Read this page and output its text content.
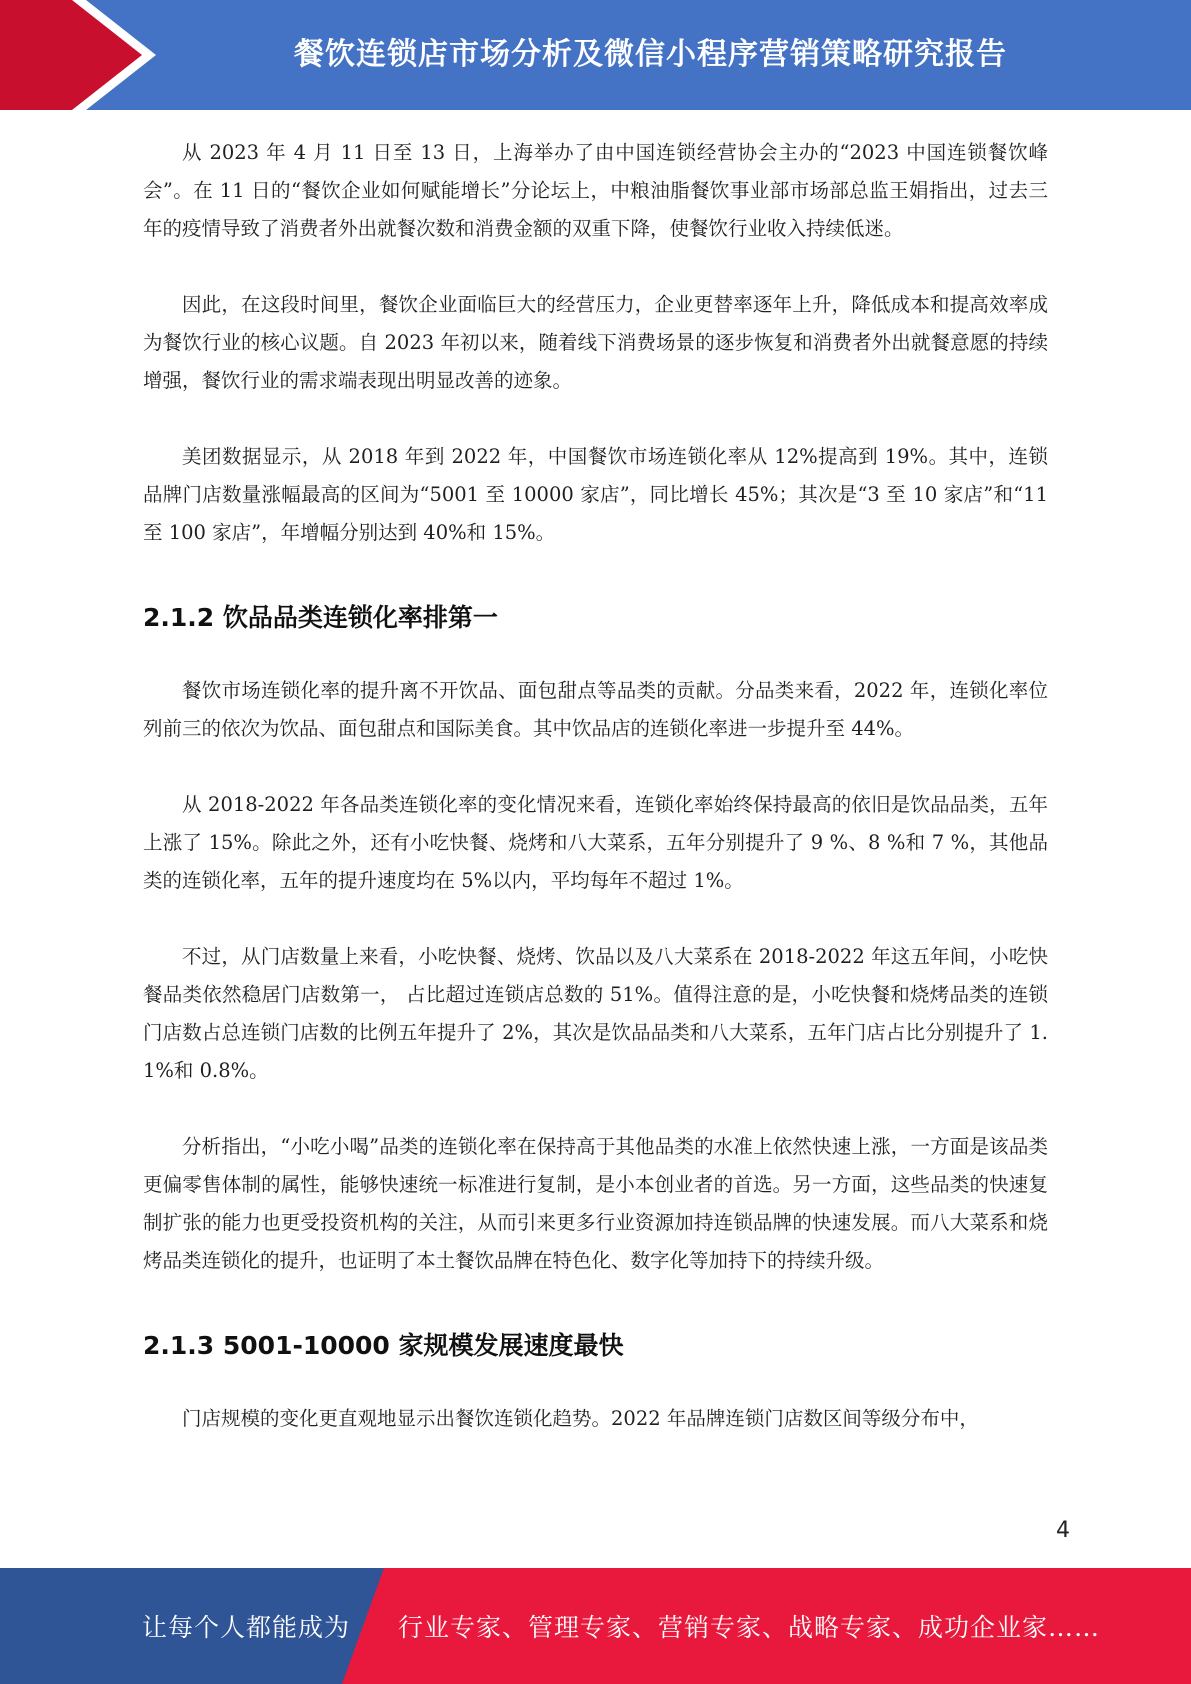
餐饮连锁店市场分析及微信小程序营销策略研究报告

从 2023 年 4 月 11 日至 13 日，上海举办了由中国连锁经营协会主办的“2023 中国连锁餐饮峰会”。在 11 日的“餐饮企业如何赋能增长”分论坛上，中粮油脂餐饮事业部市场部总监王娟指出，过去三年的疫情导致了消费者外出就餐次数和消费金额的双重下降，使餐饮行业收入持续低迷。

因此，在这段时间里，餐饮企业面临巨大的经营压力，企业更替率逐年上升，降低成本和提高效率成为餐饮行业的核心议题。自 2023 年初以来，随着线下消费场景的逐步恢复和消费者外出就餐意愿的持续增强，餐饮行业的需求端表现出明显改善的迹象。

美团数据显示，从 2018 年到 2022 年，中国餐饮市场连锁化率从 12%提高到 19%。其中，连锁品牌门店数量涨幅最高的区间为“5001 至 10000 家店”，同比增长 45%；其次是“3 至 10 家店”和“11 至 100 家店”，年增幅分别达到 40%和 15%。

2.1.2 饮品品类连锁化率排第一

餐饮市场连锁化率的提升离不开饮品、面包甜点等品类的贡献。分品类来看，2022 年，连锁化率位列前三的依次为饮品、面包甜点和国际美食。其中饮品店的连锁化率进一步提升至 44%。

从 2018-2022 年各品类连锁化率的变化情况来看，连锁化率始终保持最高的依旧是饮品品类，五年上涨了 15%。除此之外，还有小吃快餐、烧烤和八大菜系，五年分别提升了 9 %、8 %和 7 %，其他品类的连锁化率，五年的提升速度均在 5%以内，平均每年不超过 1%。

不过，从门店数量上来看，小吃快餐、烧烤、饮品以及八大菜系在 2018-2022 年这五年间，小吃快餐品类依然稳居门店数第一， 占比超过连锁店总数的 51%。值得注意的是，小吃快餐和烧烤品类的连锁门店数占总连锁门店数的比例五年提升了 2%，其次是饮品品类和八大菜系，五年门店占比分别提升了 1.1%和 0.8%。

分析指出，“小吃小喝”品类的连锁化率在保持高于其他品类的水准上依然快速上涨，一方面是该品类更偏零售体制的属性，能够快速统一标准进行复制，是小本创业者的首选。另一方面，这些品类的快速复制扩张的能力也更受投资机构的关注，从而引来更多行业资源加持连锁品牌的快速发展。而八大菜系和烧烤品类连锁化的提升，也证明了本土餐饮品牌在特色化、数字化等加持下的持续升级。

2.1.3 5001-10000 家规模发展速度最快

门店规模的变化更直观地显示出餐饮连锁化趋势。2022 年品牌连锁门店数区间等级分布中，

4
让每个人都能成为 行业专家、管理专家、营销专家、战略专家、成功企业家……
